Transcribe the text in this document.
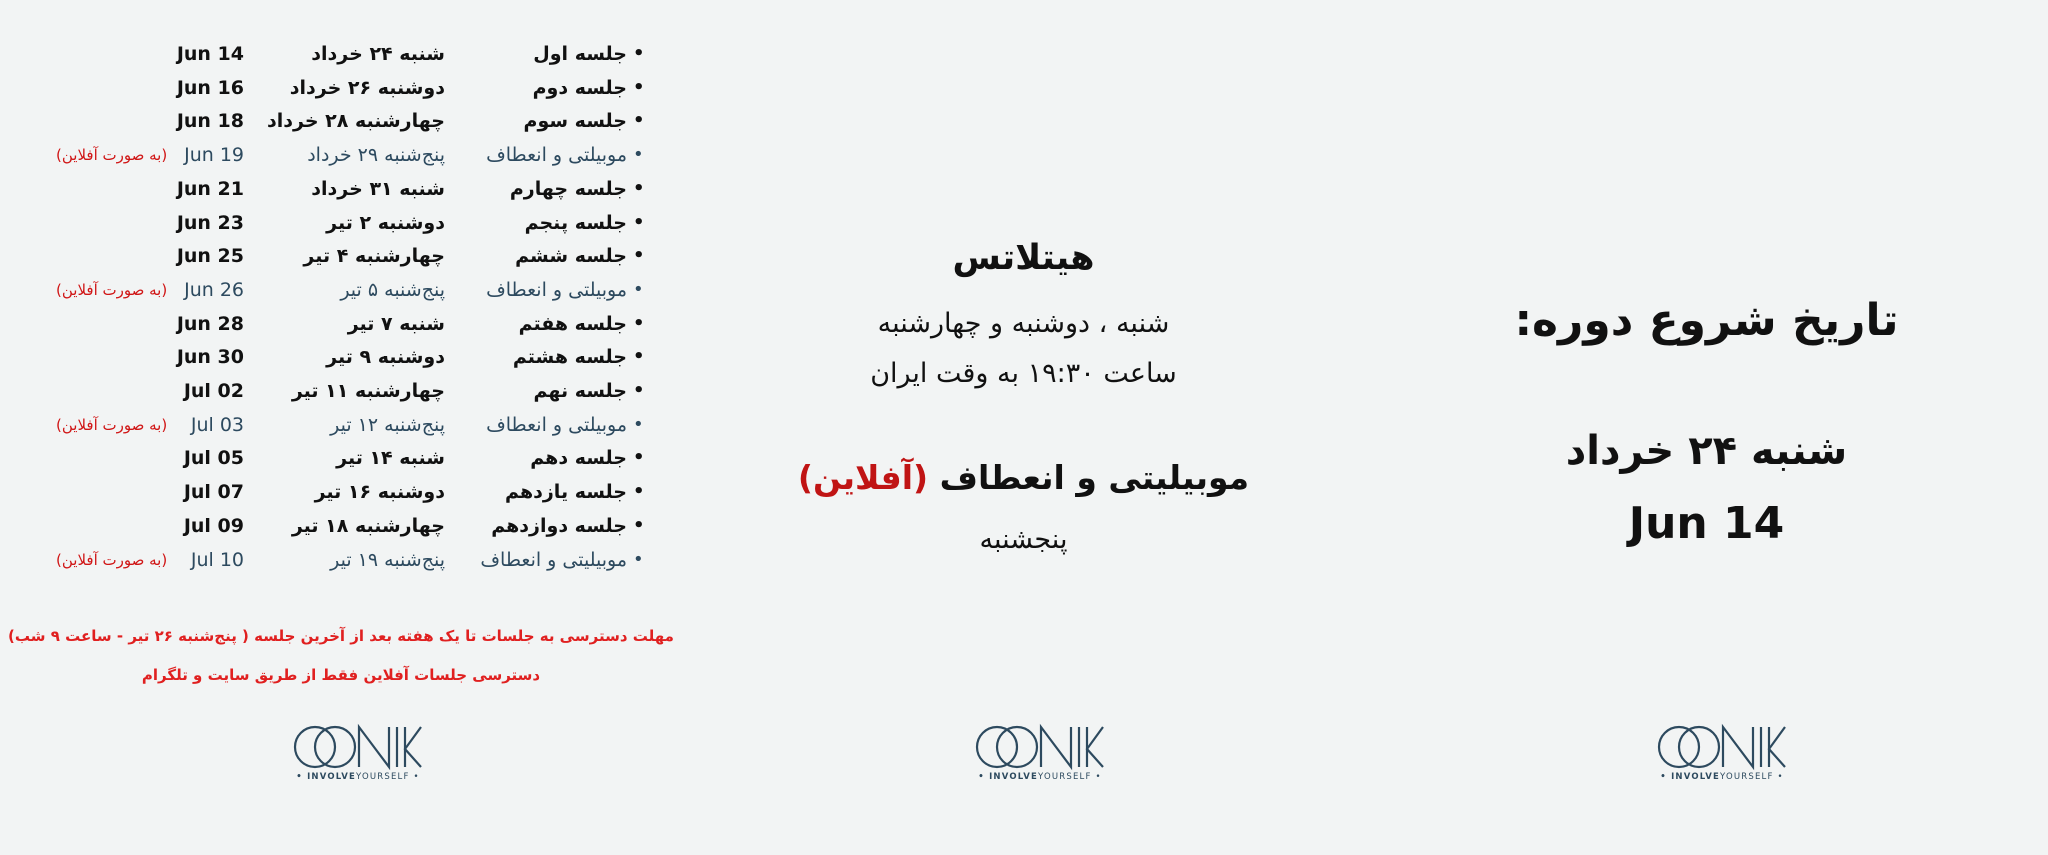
•
جلسه اول
شنبه ۲۴ خرداد
Jun 14
•
جلسه دوم
دوشنبه ۲۶ خرداد
Jun 16
•
جلسه سوم
چهارشنبه ۲۸ خرداد
Jun 18
•
موبیلتی و انعطاف
پنج‌شنبه ۲۹ خرداد
Jun 19
(به صورت آفلاین)
•
جلسه چهارم
شنبه ۳۱ خرداد
Jun 21
•
جلسه پنجم
دوشنبه ۲ تیر
Jun 23
•
جلسه ششم
چهارشنبه ۴ تیر
Jun 25
•
موبیلتی و انعطاف
پنج‌شنبه ۵ تیر
Jun 26
(به صورت آفلاین)
•
جلسه هفتم
شنبه ۷ تیر
Jun 28
•
جلسه هشتم
دوشنبه ۹ تیر
Jun 30
•
جلسه نهم
چهارشنبه ۱۱ تیر
Jul 02
•
موبیلتی و انعطاف
پنج‌شنبه ۱۲ تیر
Jul 03
(به صورت آفلاین)
•
جلسه دهم
شنبه ۱۴ تیر
Jul 05
•
جلسه یازدهم
دوشنبه ۱۶ تیر
Jul 07
•
جلسه دوازدهم
چهارشنبه ۱۸ تیر
Jul 09
•
موبیلیتی و انعطاف
پنج‌شنبه ۱۹ تیر
Jul 10
(به صورت آفلاین)
مهلت دسترسی به جلسات تا یک هفته بعد از آخرین جلسه ( پنج‌شنبه ۲۶ تیر - ساعت ۹ شب)
دسترسی جلسات آفلاین فقط از طریق سایت و تلگرام
هیتلاتس
شنبه ، دوشنبه و چهارشنبه
ساعت ۱۹:۳۰ به وقت ایران
موبیلیتی و انعطاف (آفلاین)
پنجشنبه
تاریخ شروع دوره:
شنبه ۲۴ خرداد
Jun 14
• INVOLVEYOURSELF •	• INVOLVEYOURSELF •	• INVOLVEYOURSELF •
